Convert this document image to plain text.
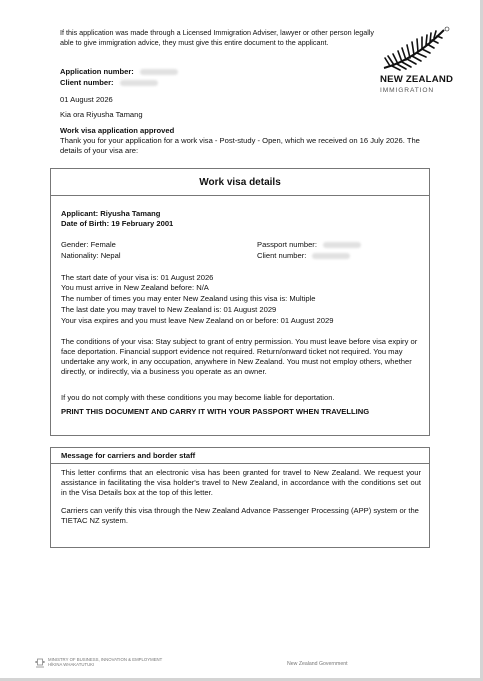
If this application was made through a Licensed Immigration Adviser, lawyer or other person legally able to give immigration advice, they must give this entire document to the applicant.
NEW ZEALAND
IMMIGRATION
Application number:
Client number:
01 August 2026
Kia ora Riyusha Tamang
Work visa application approved
Thank you for your application for a work visa - Post-study - Open, which we received on 16 July 2026. The details of your visa are:
Work visa details
Applicant: Riyusha Tamang
Date of Birth: 19 February 2001
Gender: Female	Passport number:
Nationality: Nepal	Client number:
The start date of your visa is: 01 August 2026
You must arrive in New Zealand before: N/A
The number of times you may enter New Zealand using this visa is: Multiple
The last date you may travel to New Zealand is: 01 August 2029
Your visa expires and you must leave New Zealand on or before: 01 August 2029
The conditions of your visa: Stay subject to grant of entry permission. You must leave before visa expiry or face deportation. Financial support evidence not required. Return/onward ticket not required. You may undertake any work, in any occupation, anywhere in New Zealand. You must not employ others, whether directly, or indirectly, via a business you operate as an owner.
If you do not comply with these conditions you may become liable for deportation.
PRINT THIS DOCUMENT AND CARRY IT WITH YOUR PASSPORT WHEN TRAVELLING
Message for carriers and border staff
This letter confirms that an electronic visa has been granted for travel to New Zealand. We request your assistance in facilitating the visa holder's travel to New Zealand, in accordance with the conditions set out in the Visa Details box at the top of this letter.
Carriers can verify this visa through the New Zealand Advance Passenger Processing (APP) system or the TIETAC NZ system.
MINISTRY OF BUSINESS, INNOVATION & EMPLOYMENT
HĪKINA WHAKATUTUKI	New Zealand Government
